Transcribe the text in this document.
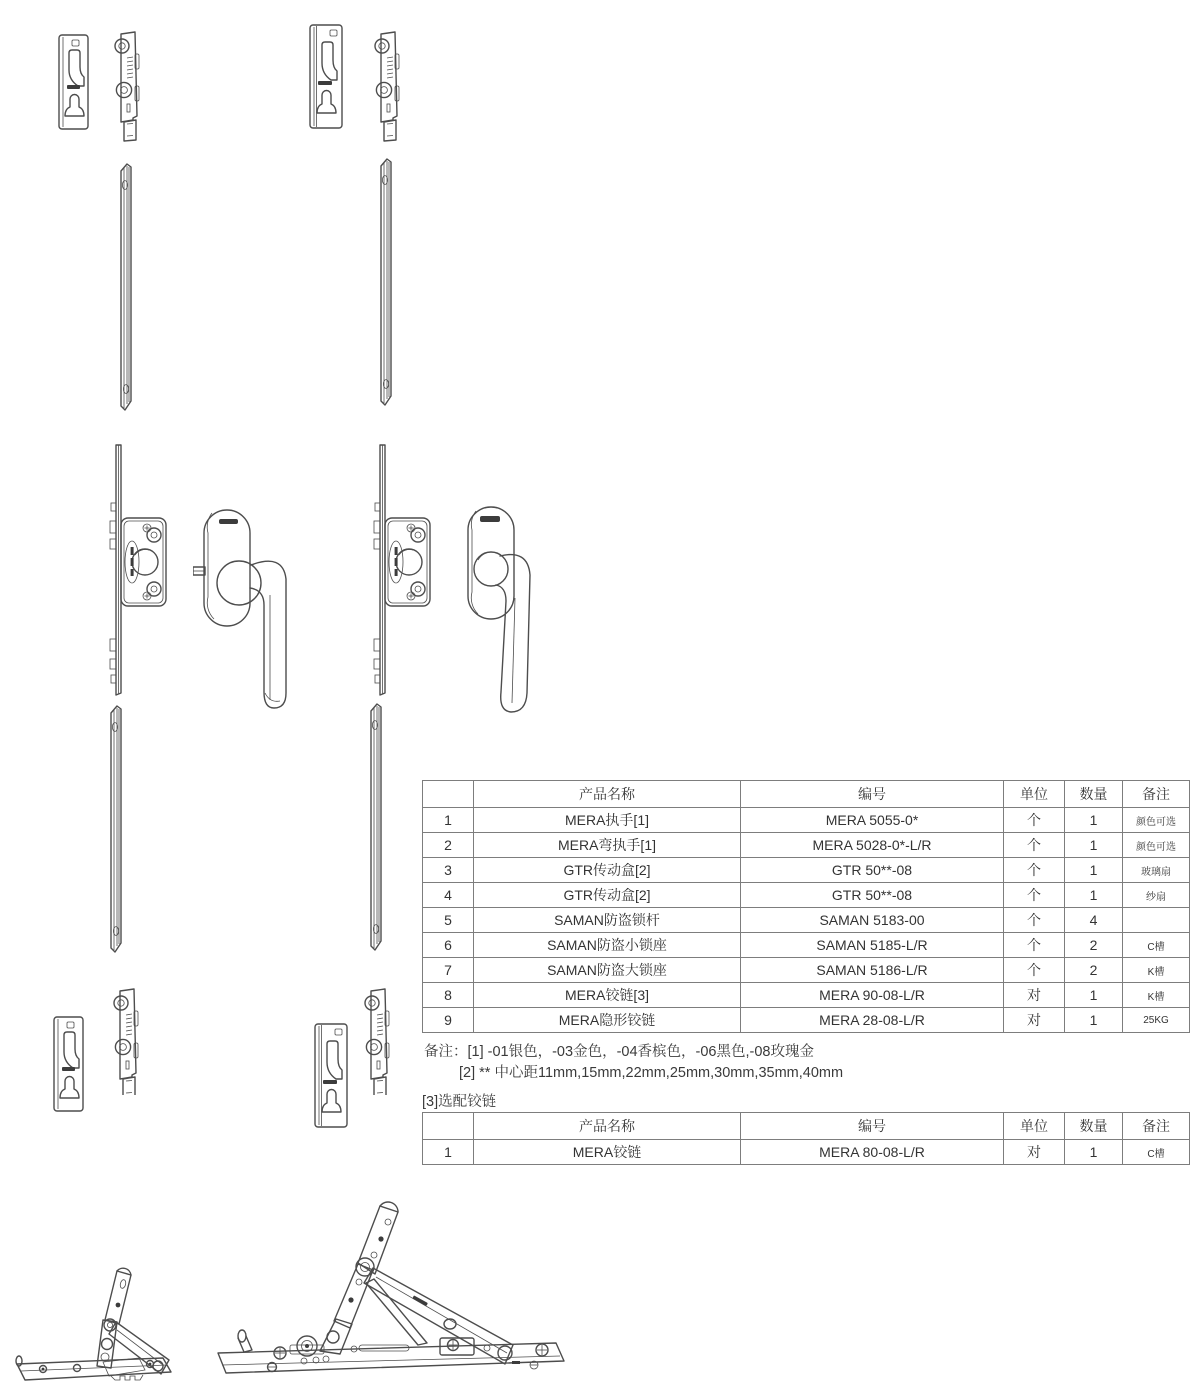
	产品名称	编号	单位	数量	备注
1	MERA执手[1]	MERA 5055-0*	个	1	颜色可选
2	MERA弯执手[1]	MERA 5028-0*-L/R	个	1	颜色可选
3	GTR传动盒[2]	GTR 50**-08	个	1	玻璃扇
4	GTR传动盒[2]	GTR 50**-08	个	1	纱扇
5	SAMAN防盗锁杆	SAMAN 5183-00	个	4	
6	SAMAN防盗小锁座	SAMAN 5185-L/R	个	2	C槽
7	SAMAN防盗大锁座	SAMAN 5186-L/R	个	2	K槽
8	MERA铰链[3]	MERA 90-08-L/R	对	1	K槽
9	MERA隐形铰链	MERA 28-08-L/R	对	1	25KG
备注：[1] -01银色，-03金色，-04香槟色，-06黑色,-08玫瑰金
[2] ** 中心距11mm,15mm,22mm,25mm,30mm,35mm,40mm
[3]选配铰链
	产品名称	编号	单位	数量	备注
1	MERA铰链	MERA 80-08-L/R	对	1	C槽
